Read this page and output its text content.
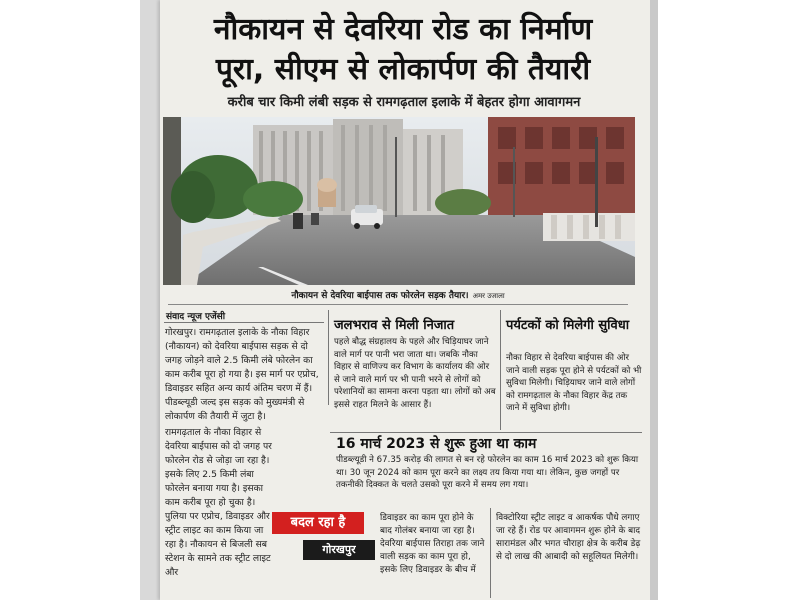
नौकायन से देवरिया रोड का निर्माण
पूरा, सीएम से लोकार्पण की तैयारी
करीब चार किमी लंबी सड़क से रामगढ़ताल इलाके में बेहतर होगा आवागमन
नौकायन से देवरिया बाईपास तक फोरलेन सड़क तैयार। अमर उजाला
संवाद न्यूज एजेंसी

गोरखपुर। रामगढ़ताल इलाके के नौका विहार (नौकायन) को देवरिया बाईपास सड़क से दो जगह जोड़ने वाले 2.5 किमी लंबे फोरलेन का काम करीब पूरा हो गया है। इस मार्ग पर एप्रोच, डिवाइडर सहित अन्य कार्य अंतिम चरण में हैं। पीडब्ल्यूडी जल्द इस सड़क को मुख्यमंत्री से लोकार्पण की तैयारी में जुटा है।

रामगढ़ताल के नौका विहार से देवरिया बाईपास को दो जगह पर फोरलेन रोड से जोड़ा जा रहा है। इसके लिए 2.5 किमी लंबा फोरलेन बनाया गया है। इसका काम करीब पूरा हो चुका है। पुलिया पर एप्रोच, डिवाइडर और स्ट्रीट लाइट का काम किया जा रहा है। नौकायन से बिजली सब स्टेशन के सामने तक स्ट्रीट लाइट और

जलभराव से मिली निजात
पहले बौद्ध संग्रहालय के पहले और चिड़ियाघर जाने वाले मार्ग पर पानी भरा जाता था। जबकि नौका विहार से वाणिज्य कर विभाग के कार्यालय की ओर से जाने वाले मार्ग पर भी पानी भरने से लोगों को परेशानियों का सामना करना पड़ता था। लोगों को अब इससे राहत मिलने के आसार हैं।
पर्यटकों को मिलेगी सुविधा
नौका विहार से देवरिया बाईपास की ओर जाने वाली सड़क पूरा होने से पर्यटकों को भी सुविधा मिलेगी। चिड़ियाघर जाने वाले लोगों को रामगढ़ताल के नौका विहार केंद्र तक जाने में सुविधा होगी।
16 मार्च 2023 से शुरू हुआ था काम
पीडब्ल्यूडी ने 67.35 करोड़ की लागत से बन रहे फोरलेन का काम 16 मार्च 2023 को शुरू किया था। 30 जून 2024 को काम पूरा करने का लक्ष्य तय किया गया था। लेकिन, कुछ जगहों पर तकनीकी दिक्कत के चलते उसको पूरा करने में समय लग गया।
बदल रहा है
गोरखपुर
डिवाइडर का काम पूरा होने के बाद गोलंबर बनाया जा रहा है। देवरिया बाईपास तिराहा तक जाने वाली सड़क का काम पूरा हो, इसके लिए डिवाइडर के बीच में
विक्टोरिया स्ट्रीट लाइट व आकर्षक पौधे लगाए जा रहे हैं। रोड पर आवागमन शुरू होने के बाद सारामंडल और भगत चौराहा क्षेत्र के करीब डेढ़ से दो लाख की आबादी को सहूलियत मिलेगी।
